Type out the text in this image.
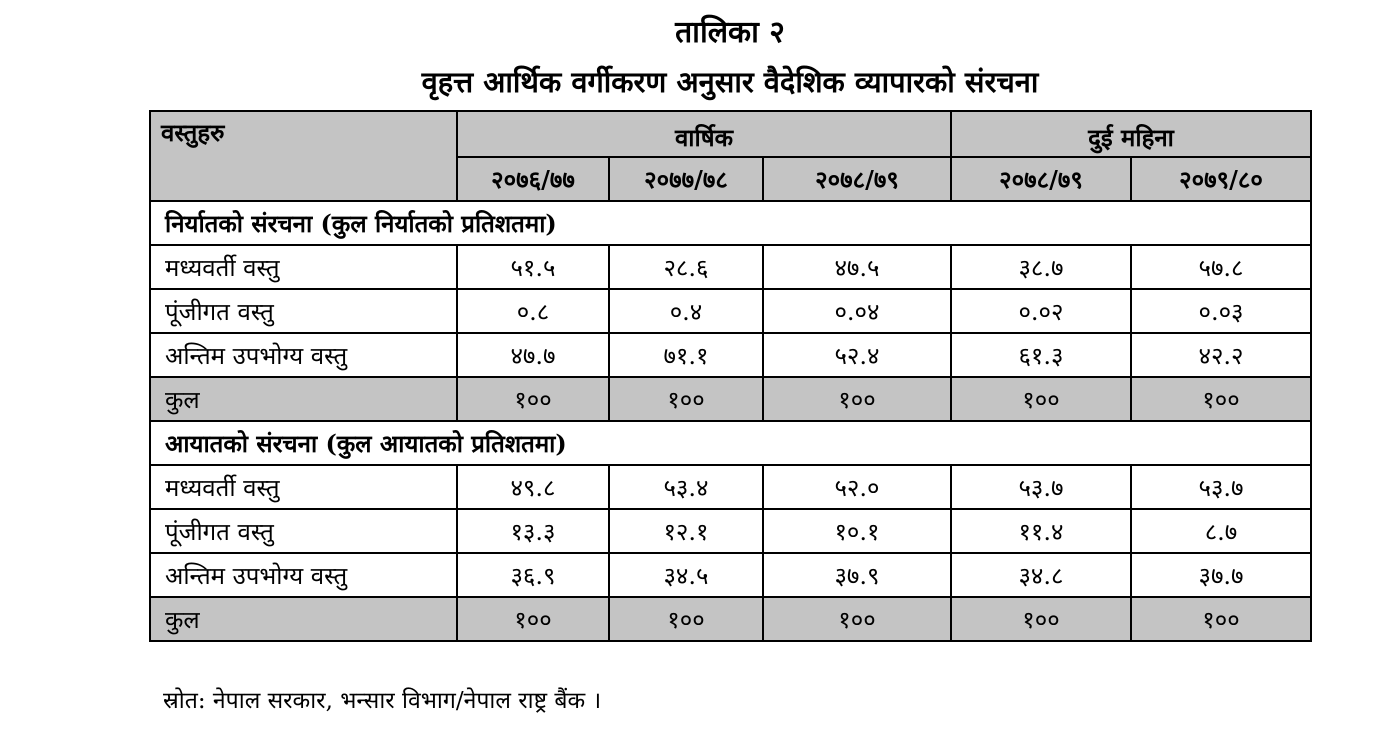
तालिका २
वृहत्त आर्थिक वर्गीकरण अनुसार वैदेशिक व्यापारको संरचना
वस्तुहरु	वार्षिक			दुई महिना	
	२०७६/७७	२०७७/७८	२०७८/७९	२०७८/७९	२०७९/८०
निर्यातको संरचना (कुल निर्यातको प्रतिशतमा)					
मध्यवर्ती वस्तु	५१.५	२८.६	४७.५	३८.७	५७.८
पूंजीगत वस्तु	०.८	०.४	०.०४	०.०२	०.०३
अन्तिम उपभोग्य वस्तु	४७.७	७१.१	५२.४	६१.३	४२.२
कुल	१००	१००	१००	१००	१००
आयातको संरचना (कुल आयातको प्रतिशतमा)					
मध्यवर्ती वस्तु	४९.८	५३.४	५२.०	५३.७	५३.७
पूंजीगत वस्तु	१३.३	१२.१	१०.१	११.४	८.७
अन्तिम उपभोग्य वस्तु	३६.९	३४.५	३७.९	३४.८	३७.७
कुल	१००	१००	१००	१००	१००
स्रोत: नेपाल सरकार, भन्सार विभाग/नेपाल राष्ट्र बैंक ।
